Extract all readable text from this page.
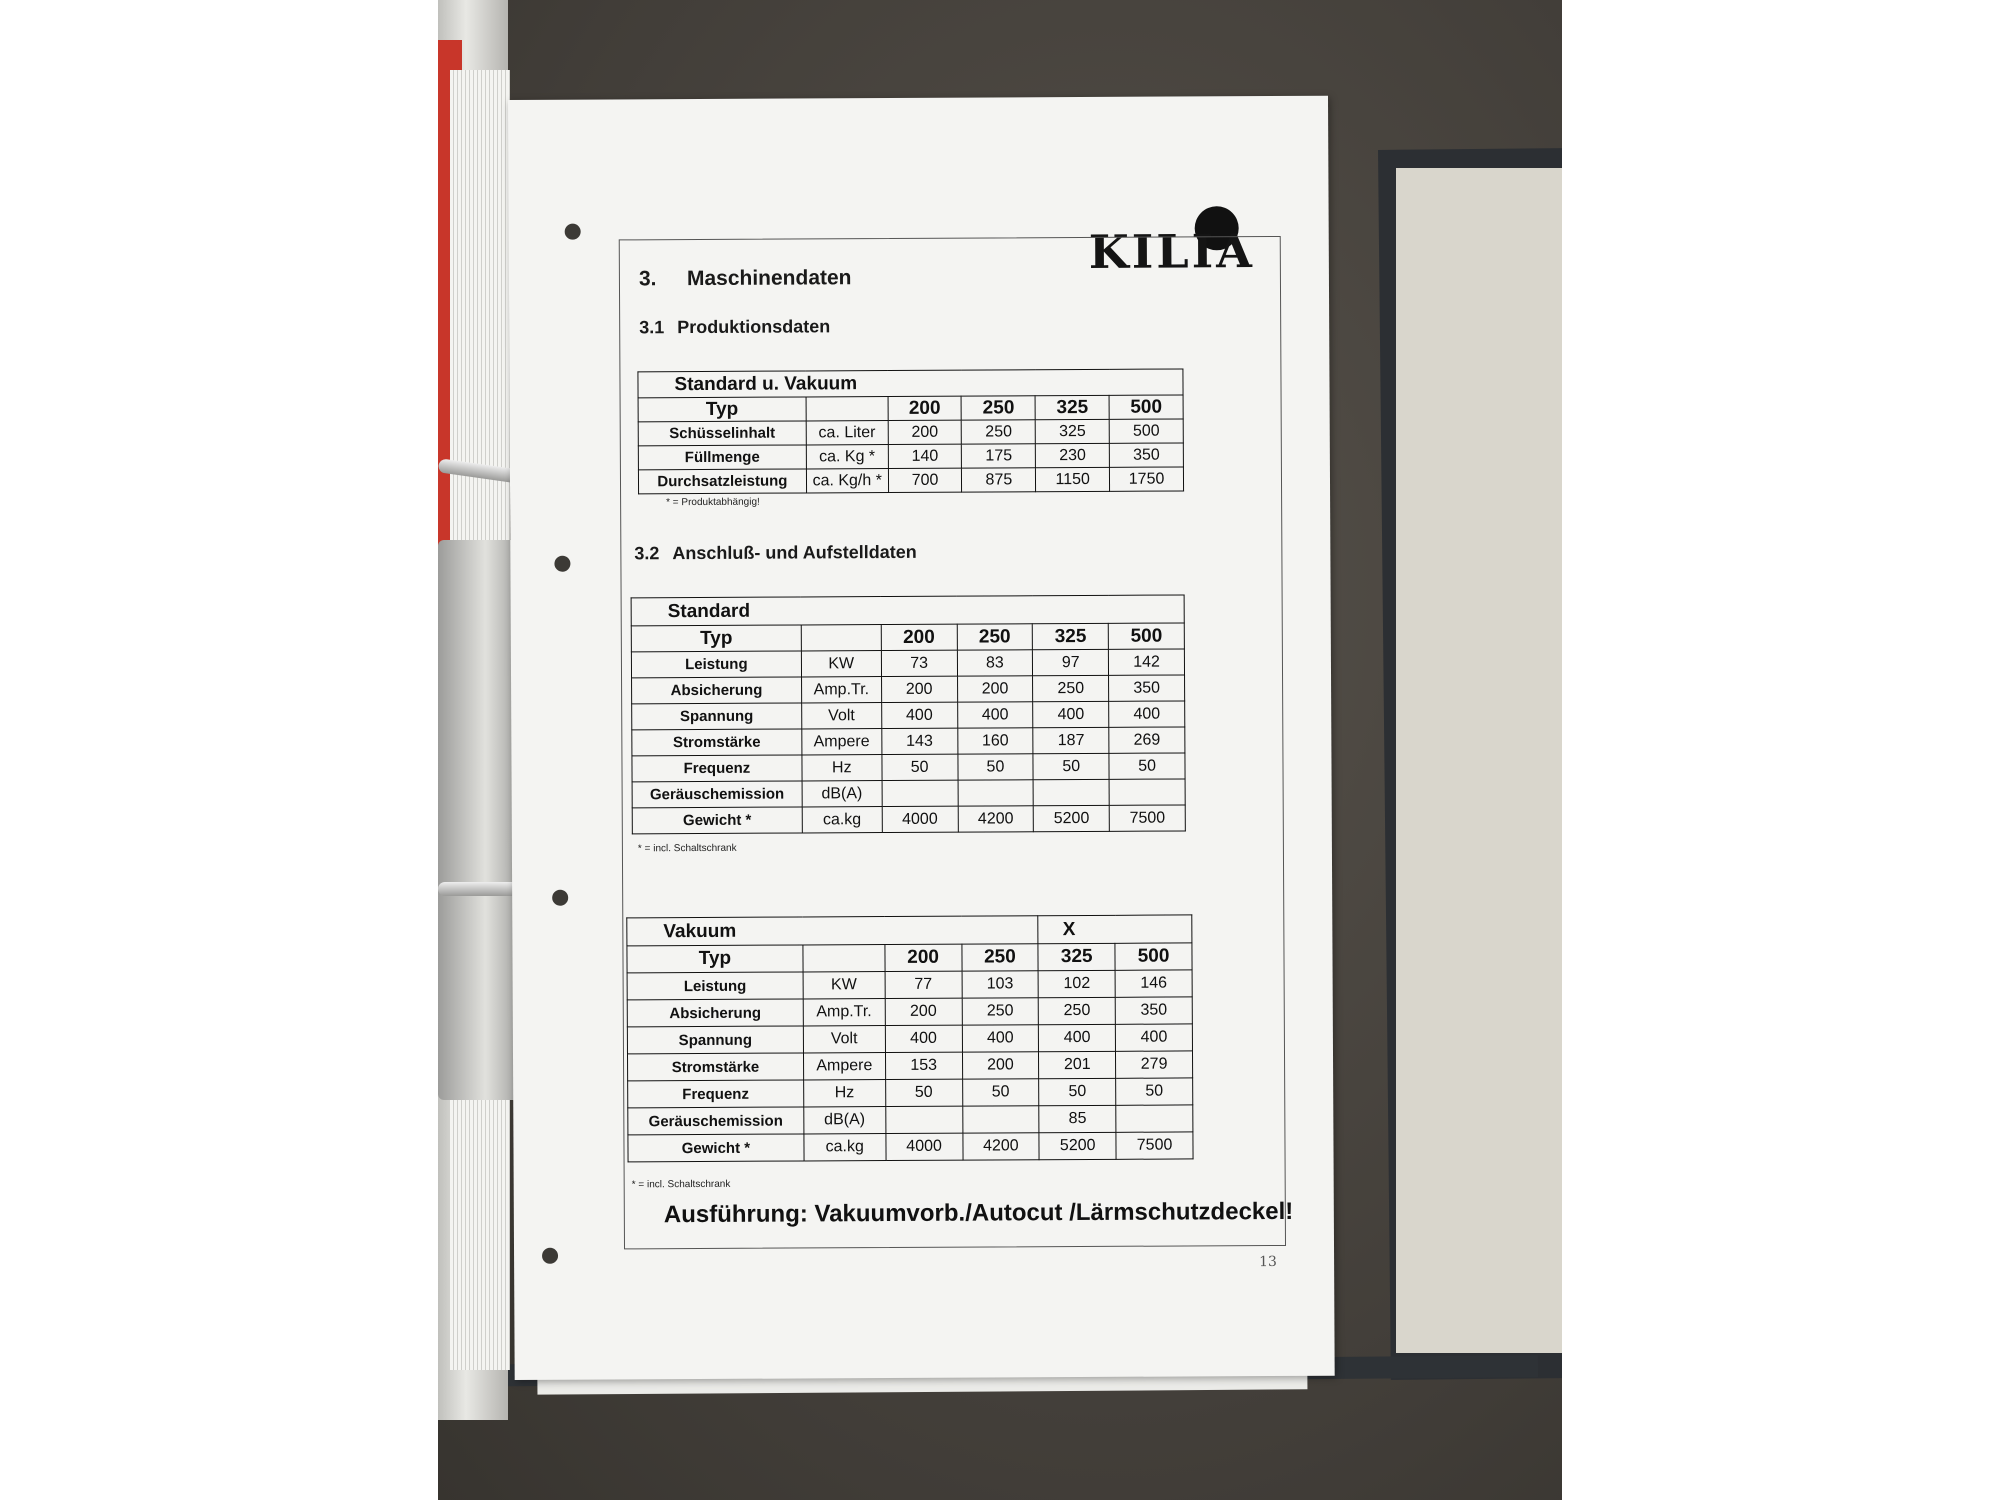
KILIA
3. Maschinendaten
3.1 Produktionsdaten
Standard u. Vakuum					
Typ		200	250	325	500
Schüsselinhalt	ca. Liter	200	250	325	500
Füllmenge	ca. Kg *	140	175	230	350
Durchsatzleistung	ca. Kg/h *	700	875	1150	1750
* = Produktabhängig!
3.2 Anschluß- und Aufstelldaten
Standard					
Typ		200	250	325	500
Leistung	KW	73	83	97	142
Absicherung	Amp.Tr.	200	200	250	350
Spannung	Volt	400	400	400	400
Stromstärke	Ampere	143	160	187	269
Frequenz	Hz	50	50	50	50
Geräuschemission	dB(A)				
Gewicht *	ca.kg	4000	4200	5200	7500
* = incl. Schaltschrank
Vakuum				X	
Typ		200	250	325	500
Leistung	KW	77	103	102	146
Absicherung	Amp.Tr.	200	250	250	350
Spannung	Volt	400	400	400	400
Stromstärke	Ampere	153	200	201	279
Frequenz	Hz	50	50	50	50
Geräuschemission	dB(A)			85	
Gewicht *	ca.kg	4000	4200	5200	7500
* = incl. Schaltschrank
Ausführung: Vakuumvorb./Autocut /Lärmschutzdeckel!
13
